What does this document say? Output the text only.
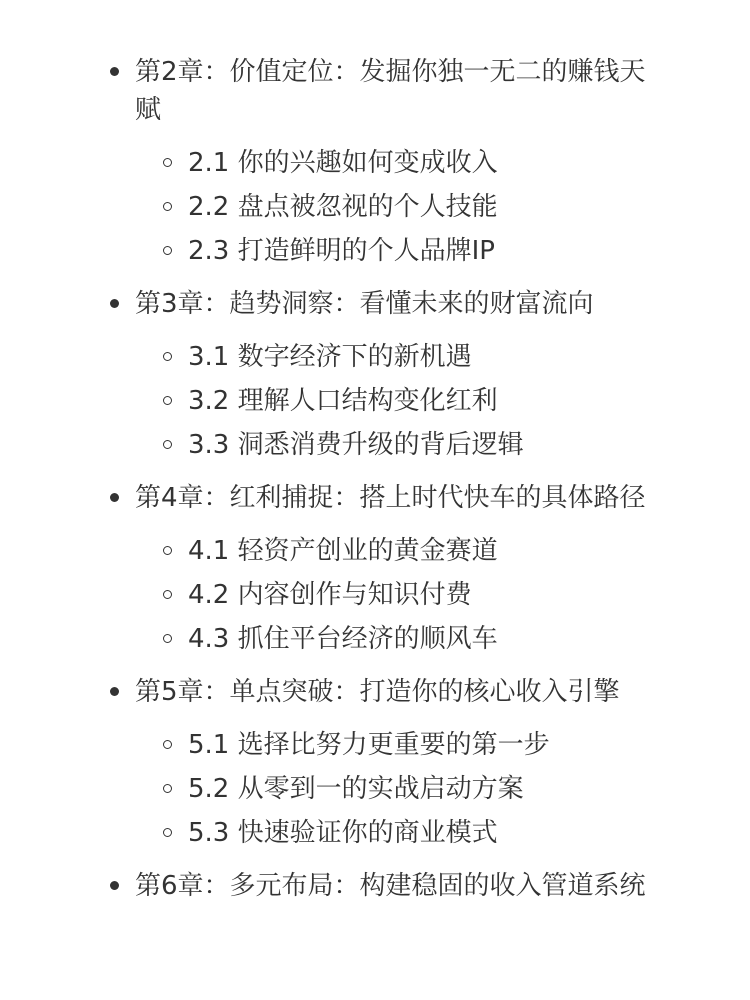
第2章：价值定位：发掘你独一无二的赚钱天赋
2.1 你的兴趣如何变成收入
2.2 盘点被忽视的个人技能
2.3 打造鲜明的个人品牌IP
第3章：趋势洞察：看懂未来的财富流向
3.1 数字经济下的新机遇
3.2 理解人口结构变化红利
3.3 洞悉消费升级的背后逻辑
第4章：红利捕捉：搭上时代快车的具体路径
4.1 轻资产创业的黄金赛道
4.2 内容创作与知识付费
4.3 抓住平台经济的顺风车
第5章：单点突破：打造你的核心收入引擎
5.1 选择比努力更重要的第一步
5.2 从零到一的实战启动方案
5.3 快速验证你的商业模式
第6章：多元布局：构建稳固的收入管道系统
